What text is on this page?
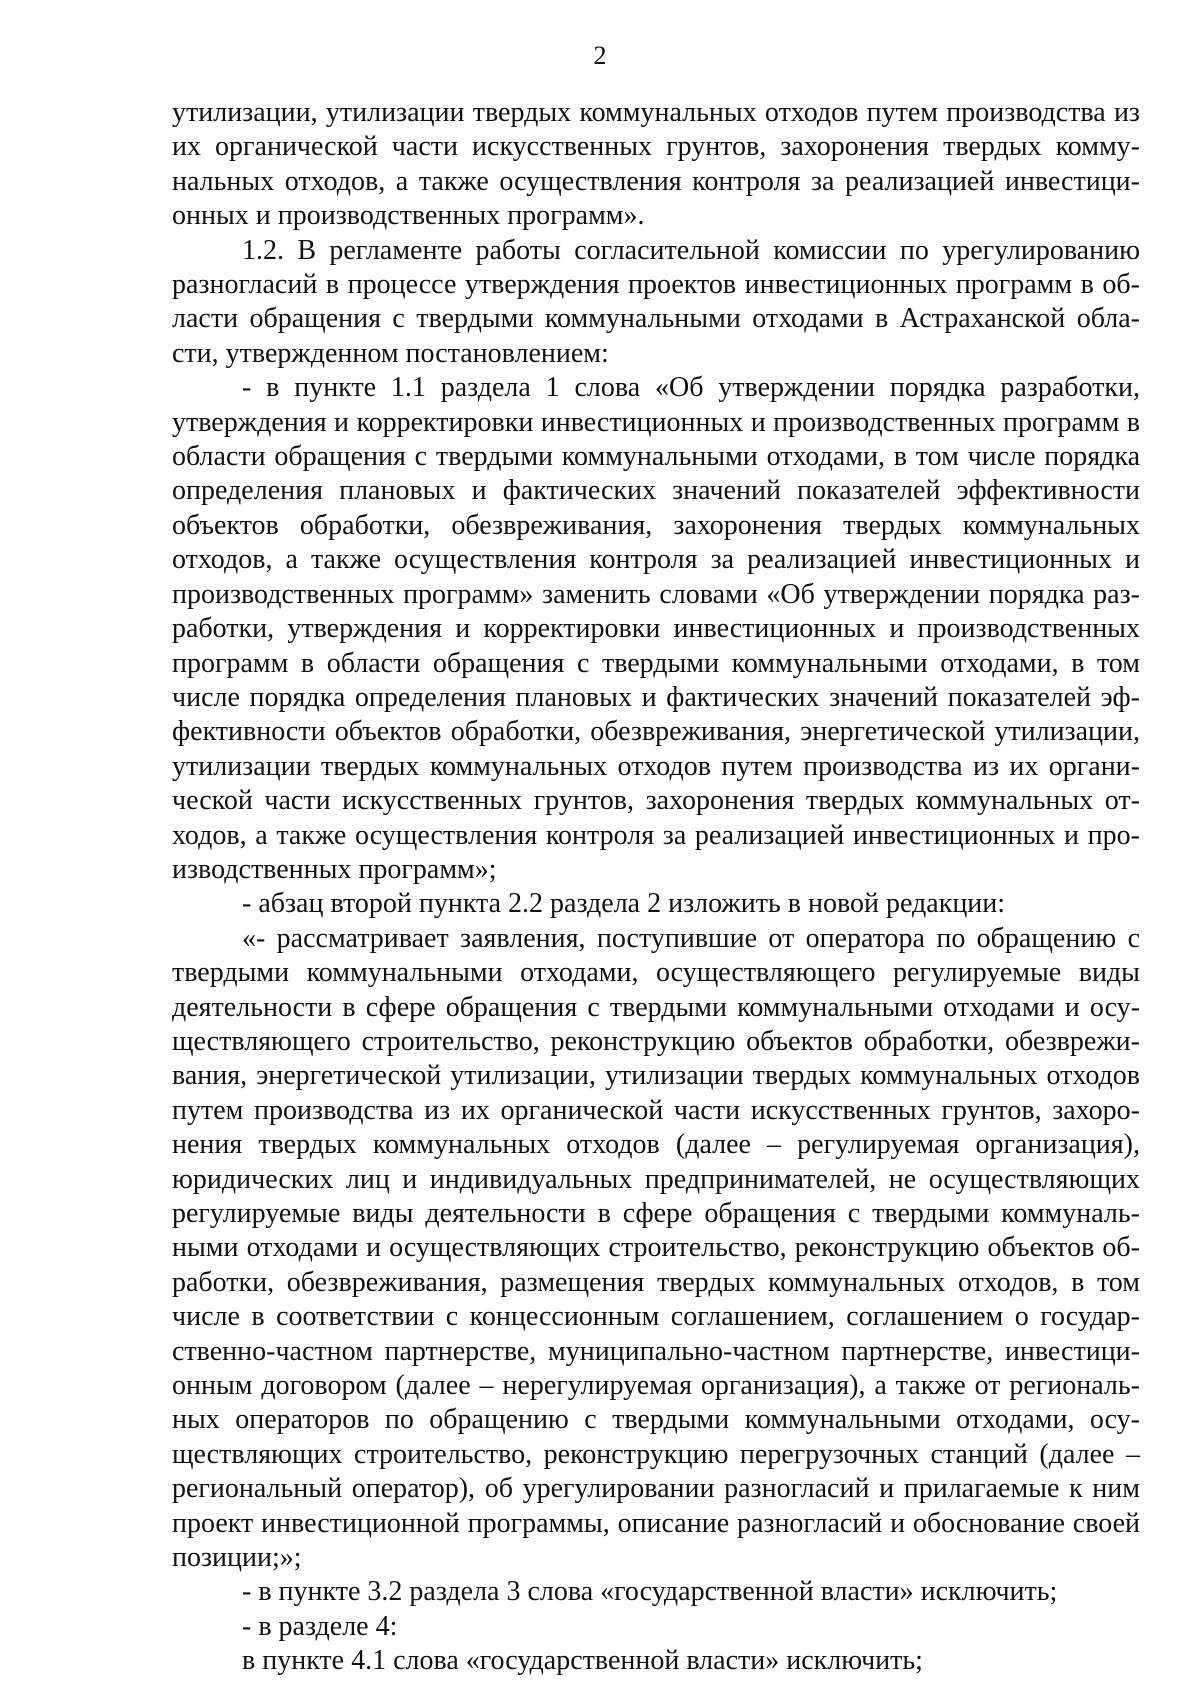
2

утилизации, утилизации твердых коммунальных отходов путем производства из их органической части искусственных грунтов, захоронения твердых коммунальных отходов, а также осуществления контроля за реализацией инвестиционных и производственных программ».

1.2. В регламенте работы согласительной комиссии по урегулированию разногласий в процессе утверждения проектов инвестиционных программ в области обращения с твердыми коммунальными отходами в Астраханской области, утвержденном постановлением:

- в пункте 1.1 раздела 1 слова «Об утверждении порядка разработки, утверждения и корректировки инвестиционных и производственных программ в области обращения с твердыми коммунальными отходами, в том числе порядка определения плановых и фактических значений показателей эффективности объектов обработки, обезвреживания, захоронения твердых коммунальных отходов, а также осуществления контроля за реализацией инвестиционных и производственных программ» заменить словами «Об утверждении порядка разработки, утверждения и корректировки инвестиционных и производственных программ в области обращения с твердыми коммунальными отходами, в том числе порядка определения плановых и фактических значений показателей эффективности объектов обработки, обезвреживания, энергетической утилизации, утилизации твердых коммунальных отходов путем производства из их органической части искусственных грунтов, захоронения твердых коммунальных отходов, а также осуществления контроля за реализацией инвестиционных и производственных программ»;

- абзац второй пункта 2.2 раздела 2 изложить в новой редакции:

«- рассматривает заявления, поступившие от оператора по обращению с твердыми коммунальными отходами, осуществляющего регулируемые виды деятельности в сфере обращения с твердыми коммунальными отходами и осуществляющего строительство, реконструкцию объектов обработки, обезвреживания, энергетической утилизации, утилизации твердых коммунальных отходов путем производства из их органической части искусственных грунтов, захоронения твердых коммунальных отходов (далее – регулируемая организация), юридических лиц и индивидуальных предпринимателей, не осуществляющих регулируемые виды деятельности в сфере обращения с твердыми коммунальными отходами и осуществляющих строительство, реконструкцию объектов обработки, обезвреживания, размещения твердых коммунальных отходов, в том числе в соответствии с концессионным соглашением, соглашением о государственно-частном партнерстве, муниципально-частном партнерстве, инвестиционным договором (далее – нерегулируемая организация), а также от региональных операторов по обращению с твердыми коммунальными отходами, осуществляющих строительство, реконструкцию перегрузочных станций (далее – региональный оператор), об урегулировании разногласий и прилагаемые к ним проект инвестиционной программы, описание разногласий и обоснование своей позиции;»;

- в пункте 3.2 раздела 3 слова «государственной власти» исключить;

- в разделе 4:

в пункте 4.1 слова «государственной власти» исключить;
